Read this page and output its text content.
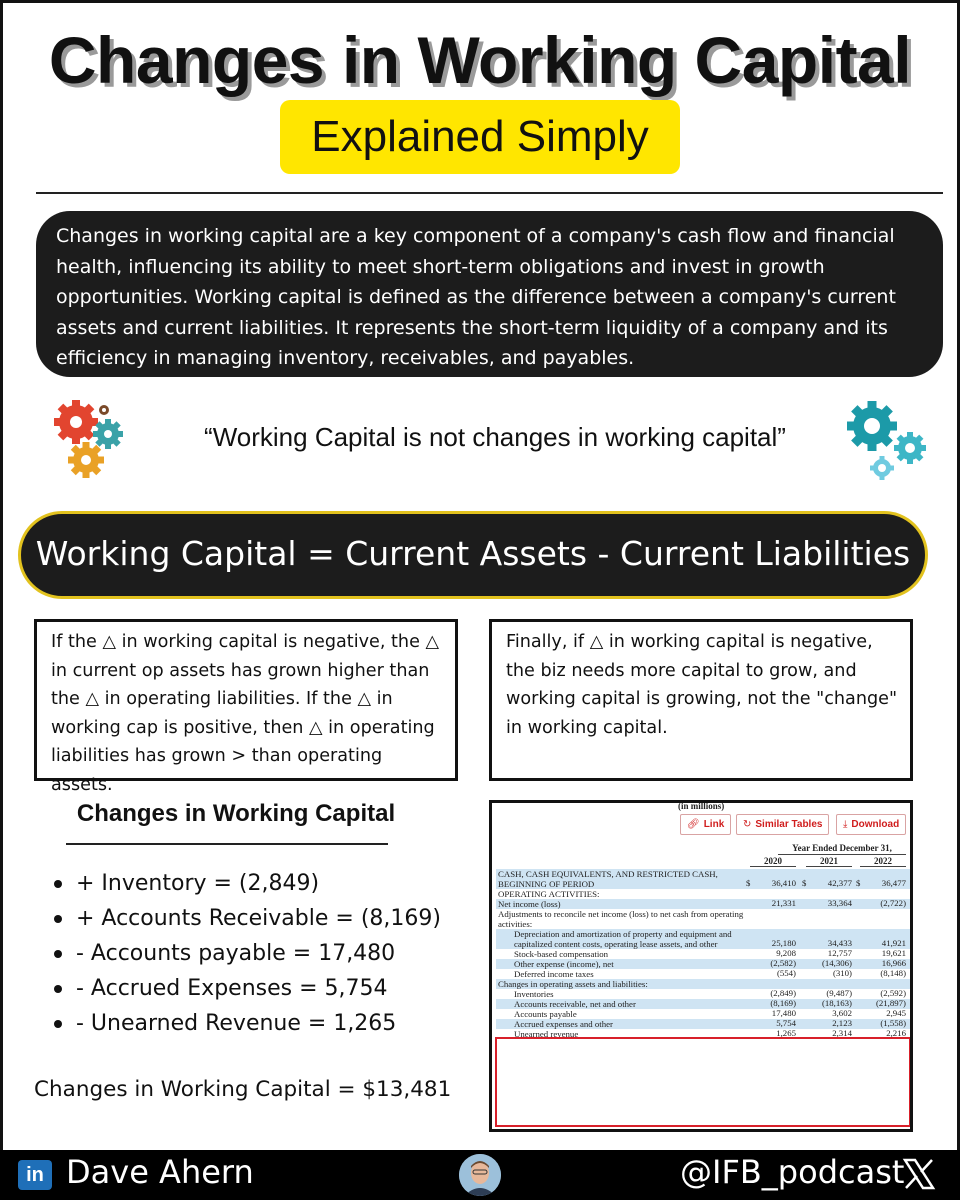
Changes in Working Capital
Explained Simply
Changes in working capital are a key component of a company's cash flow and financial health, influencing its ability to meet short-term obligations and invest in growth opportunities. Working capital is defined as the difference between a company's current assets and current liabilities. It represents the short-term liquidity of a company and its efficiency in managing inventory, receivables, and payables.
“Working Capital is not changes in working capital”
Working Capital = Current Assets - Current Liabilities
If the △ in working capital is negative, the △ in current op assets has grown higher than the △ in operating liabilities. If the △ in working cap is positive, then △ in operating liabilities has grown > than operating assets.
Finally, if △ in working capital is negative, the biz needs more capital to grow, and working capital is growing, not the "change" in working capital.
Changes in Working Capital
+ Inventory = (2,849)
+ Accounts Receivable = (8,169)
- Accounts payable = 17,480
- Accrued Expenses = 5,754
- Unearned Revenue = 1,265
Changes in Working Capital = $13,481
(in millions)
🔗︎ Link	↻ Similar Tables	⤓ Download
Year Ended December 31,
2020	2021	2022
CASH, CASH EQUIVALENTS, AND RESTRICTED CASH, BEGINNING OF PERIOD	$	36,410 $	42,377 $	36,477
OPERATING ACTIVITIES:
Net income (loss)	21,331	33,364	(2,722)
Adjustments to reconcile net income (loss) to net cash from operating activities:
Depreciation and amortization of property and equipment and capitalized content costs, operating lease assets, and other	25,180	34,433	41,921
Stock-based compensation	9,208	12,757	19,621
Other expense (income), net	(2,582)	(14,306)	16,966
Deferred income taxes	(554)	(310)	(8,148)
Changes in operating assets and liabilities:
Inventories	(2,849)	(9,487)	(2,592)
Accounts receivable, net and other	(8,169)	(18,163)	(21,897)
Accounts payable	17,480	3,602	2,945
Accrued expenses and other	5,754	2,123	(1,558)
Unearned revenue	1,265	2,314	2,216
in Dave Ahern	@IFB_podcast
